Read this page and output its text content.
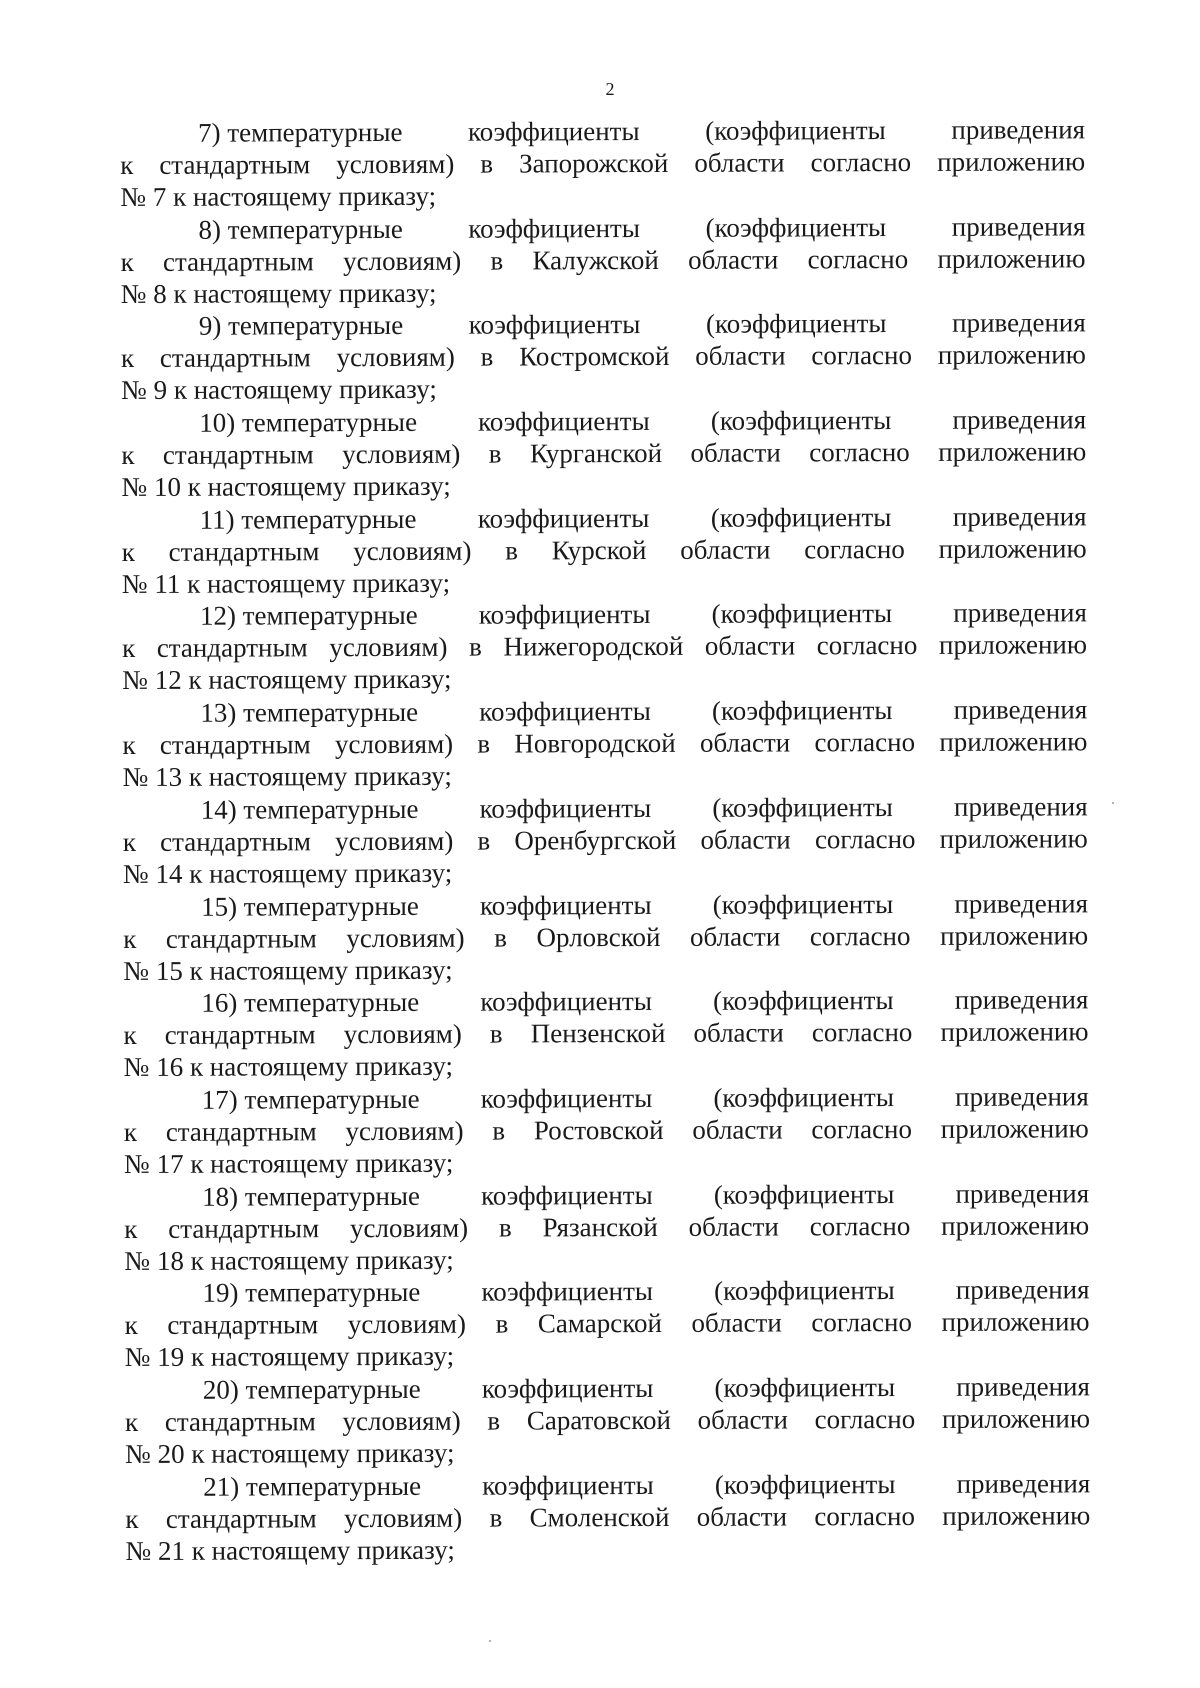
2
7) температурные коэффициенты (коэффициенты приведения
к стандартным условиям) в Запорожской области согласно приложению
№ 7 к настоящему приказу;
8) температурные коэффициенты (коэффициенты приведения
к стандартным условиям) в Калужской области согласно приложению
№ 8 к настоящему приказу;
9) температурные коэффициенты (коэффициенты приведения
к стандартным условиям) в Костромской области согласно приложению
№ 9 к настоящему приказу;
10) температурные коэффициенты (коэффициенты приведения
к стандартным условиям) в Курганской области согласно приложению
№ 10 к настоящему приказу;
11) температурные коэффициенты (коэффициенты приведения
к стандартным условиям) в Курской области согласно приложению
№ 11 к настоящему приказу;
12) температурные коэффициенты (коэффициенты приведения
к стандартным условиям) в Нижегородской области согласно приложению
№ 12 к настоящему приказу;
13) температурные коэффициенты (коэффициенты приведения
к стандартным условиям) в Новгородской области согласно приложению
№ 13 к настоящему приказу;
14) температурные коэффициенты (коэффициенты приведения
к стандартным условиям) в Оренбургской области согласно приложению
№ 14 к настоящему приказу;
15) температурные коэффициенты (коэффициенты приведения
к стандартным условиям) в Орловской области согласно приложению
№ 15 к настоящему приказу;
16) температурные коэффициенты (коэффициенты приведения
к стандартным условиям) в Пензенской области согласно приложению
№ 16 к настоящему приказу;
17) температурные коэффициенты (коэффициенты приведения
к стандартным условиям) в Ростовской области согласно приложению
№ 17 к настоящему приказу;
18) температурные коэффициенты (коэффициенты приведения
к стандартным условиям) в Рязанской области согласно приложению
№ 18 к настоящему приказу;
19) температурные коэффициенты (коэффициенты приведения
к стандартным условиям) в Самарской области согласно приложению
№ 19 к настоящему приказу;
20) температурные коэффициенты (коэффициенты приведения
к стандартным условиям) в Саратовской области согласно приложению
№ 20 к настоящему приказу;
21) температурные коэффициенты (коэффициенты приведения
к стандартным условиям) в Смоленской области согласно приложению
№ 21 к настоящему приказу;
